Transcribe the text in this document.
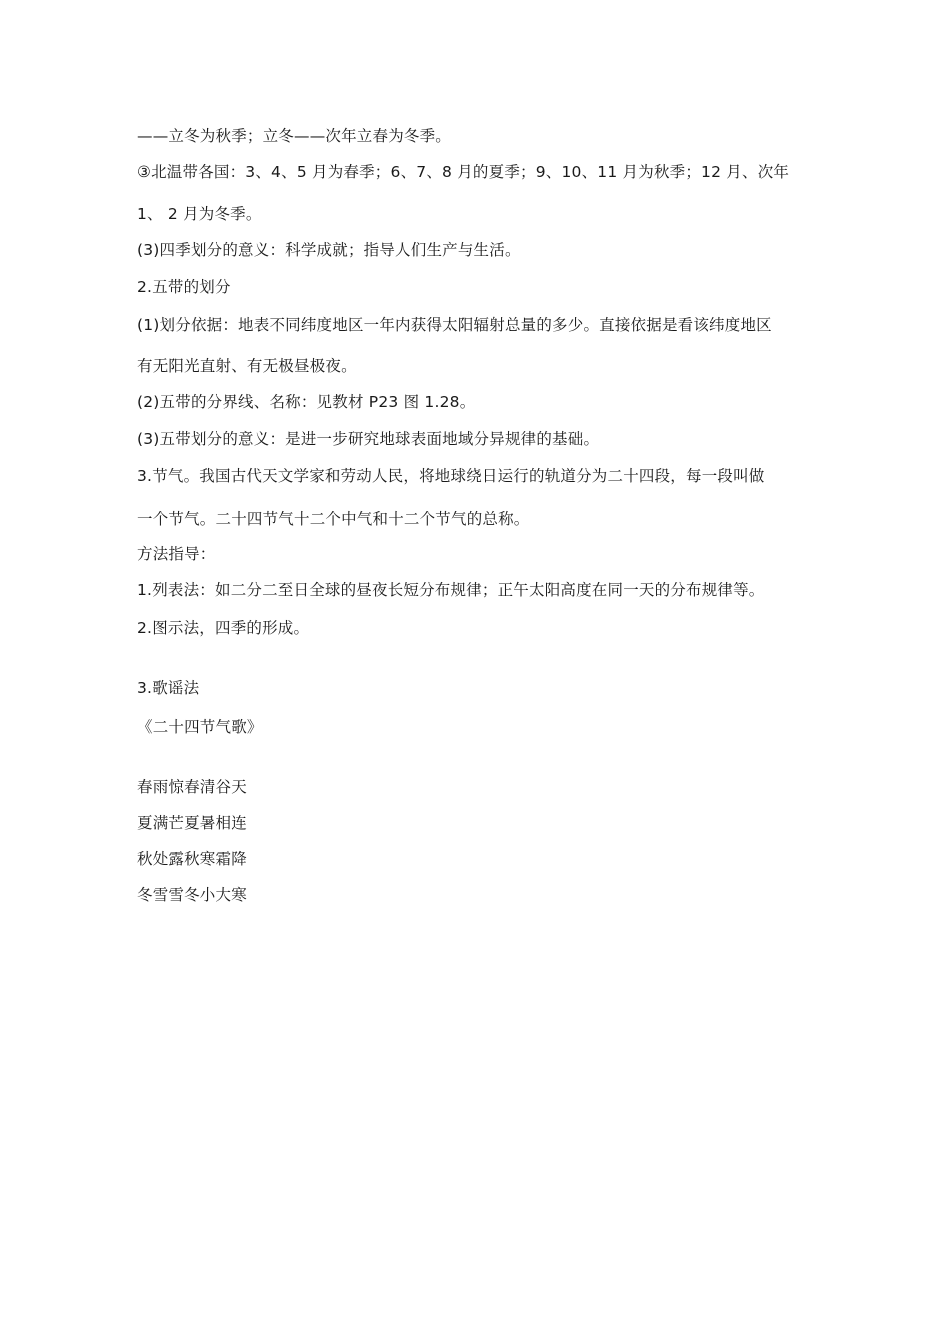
——立冬为秋季；立冬——次年立春为冬季。
③北温带各国：3、4、5 月为春季；6、7、8 月的夏季；9、10、11 月为秋季；12 月、次年
1、 2 月为冬季。
(3)四季划分的意义：科学成就；指导人们生产与生活。
2.五带的划分
(1)划分依据：地表不同纬度地区一年内获得太阳辐射总量的多少。直接依据是看该纬度地区
有无阳光直射、有无极昼极夜。
(2)五带的分界线、名称：见教材 P23 图 1.28。
(3)五带划分的意义：是进一步研究地球表面地域分异规律的基础。
3.节气。我国古代天文学家和劳动人民，将地球绕日运行的轨道分为二十四段，每一段叫做
一个节气。二十四节气十二个中气和十二个节气的总称。
方法指导：
1.列表法：如二分二至日全球的昼夜长短分布规律；正午太阳高度在同一天的分布规律等。
2.图示法，四季的形成。
3.歌谣法
《二十四节气歌》
春雨惊春清谷天
夏满芒夏暑相连
秋处露秋寒霜降
冬雪雪冬小大寒
